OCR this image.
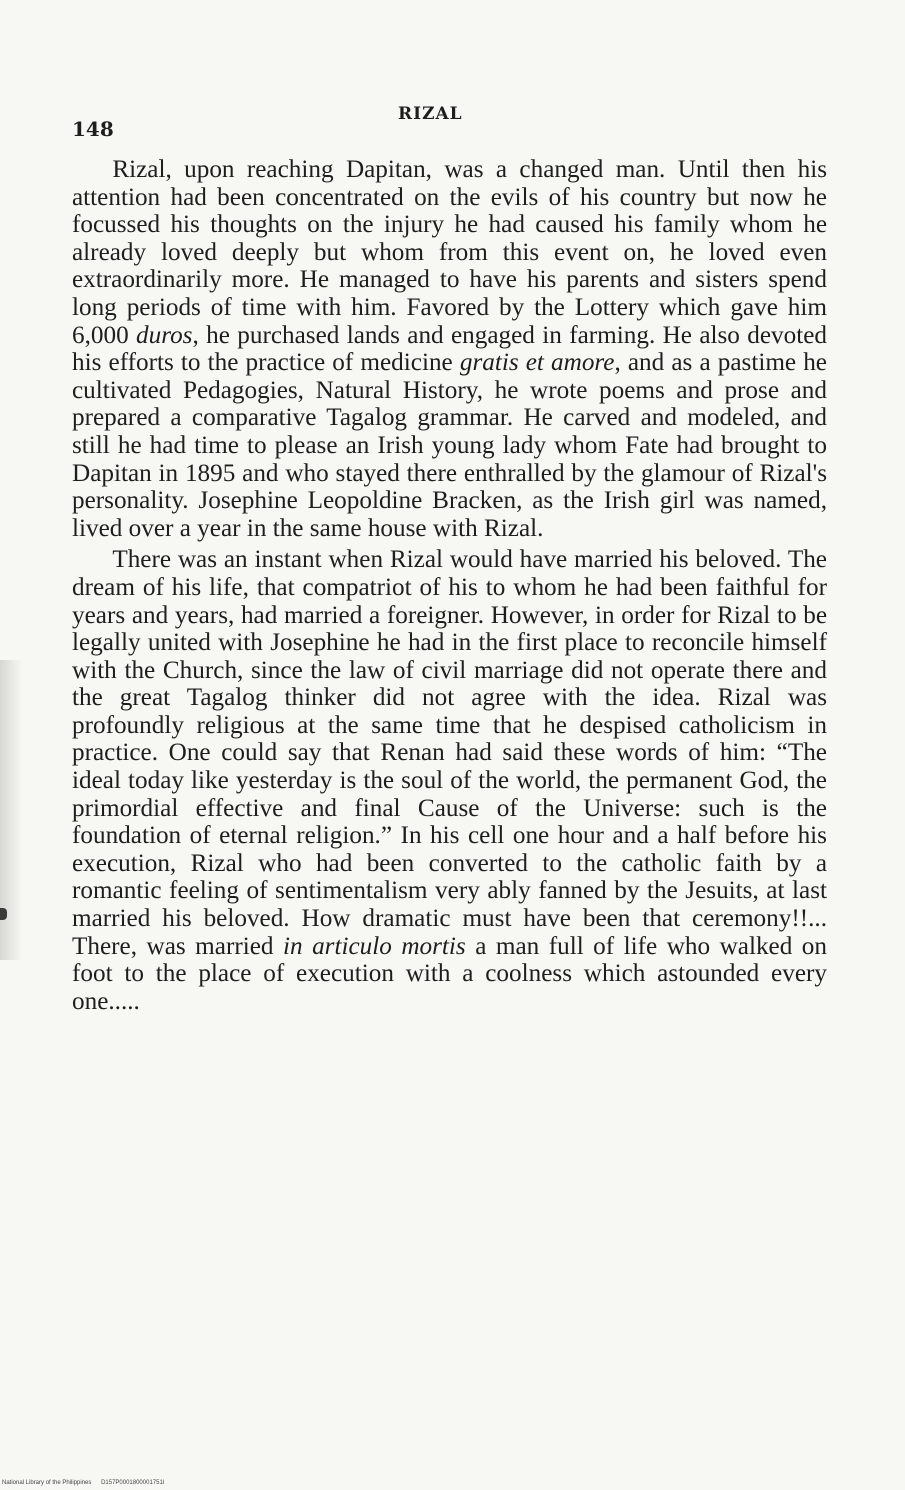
148
RIZAL

Rizal, upon reaching Dapitan, was a changed man. Until then his attention had been concentrated on the evils of his country but now he focussed his thoughts on the injury he had caused his family whom he already loved deeply but whom from this event on, he loved even extraordinarily more. He managed to have his parents and sisters spend long periods of time with him. Favored by the Lottery which gave him 6,000 duros, he purchased lands and engaged in farming. He also devoted his efforts to the practice of medicine gratis et amore, and as a pastime he cultivated Pedagogies, Natural History, he wrote poems and prose and prepared a comparative Tagalog grammar. He carved and modeled, and still he had time to please an Irish young lady whom Fate had brought to Dapitan in 1895 and who stayed there enthralled by the glamour of Rizal's personality. Josephine Leopoldine Bracken, as the Irish girl was named, lived over a year in the same house with Rizal.

There was an instant when Rizal would have married his beloved. The dream of his life, that compatriot of his to whom he had been faithful for years and years, had married a foreigner. However, in order for Rizal to be legally united with Josephine he had in the first place to reconcile himself with the Church, since the law of civil marriage did not operate there and the great Tagalog thinker did not agree with the idea. Rizal was profoundly religious at the same time that he despised catholicism in practice. One could say that Renan had said these words of him: “The ideal today like yesterday is the soul of the world, the permanent God, the primordial effective and final Cause of the Universe: such is the foundation of eternal religion.” In his cell one hour and a half before his execution, Rizal who had been converted to the catholic faith by a romantic feeling of sentimentalism very ably fanned by the Jesuits, at last married his beloved. How dramatic must have been that ceremony!!... There, was married in articulo mortis a man full of life who walked on foot to the place of execution with a coolness which astounded every one.....

National Library of the Philippines D157P0001800001751I
